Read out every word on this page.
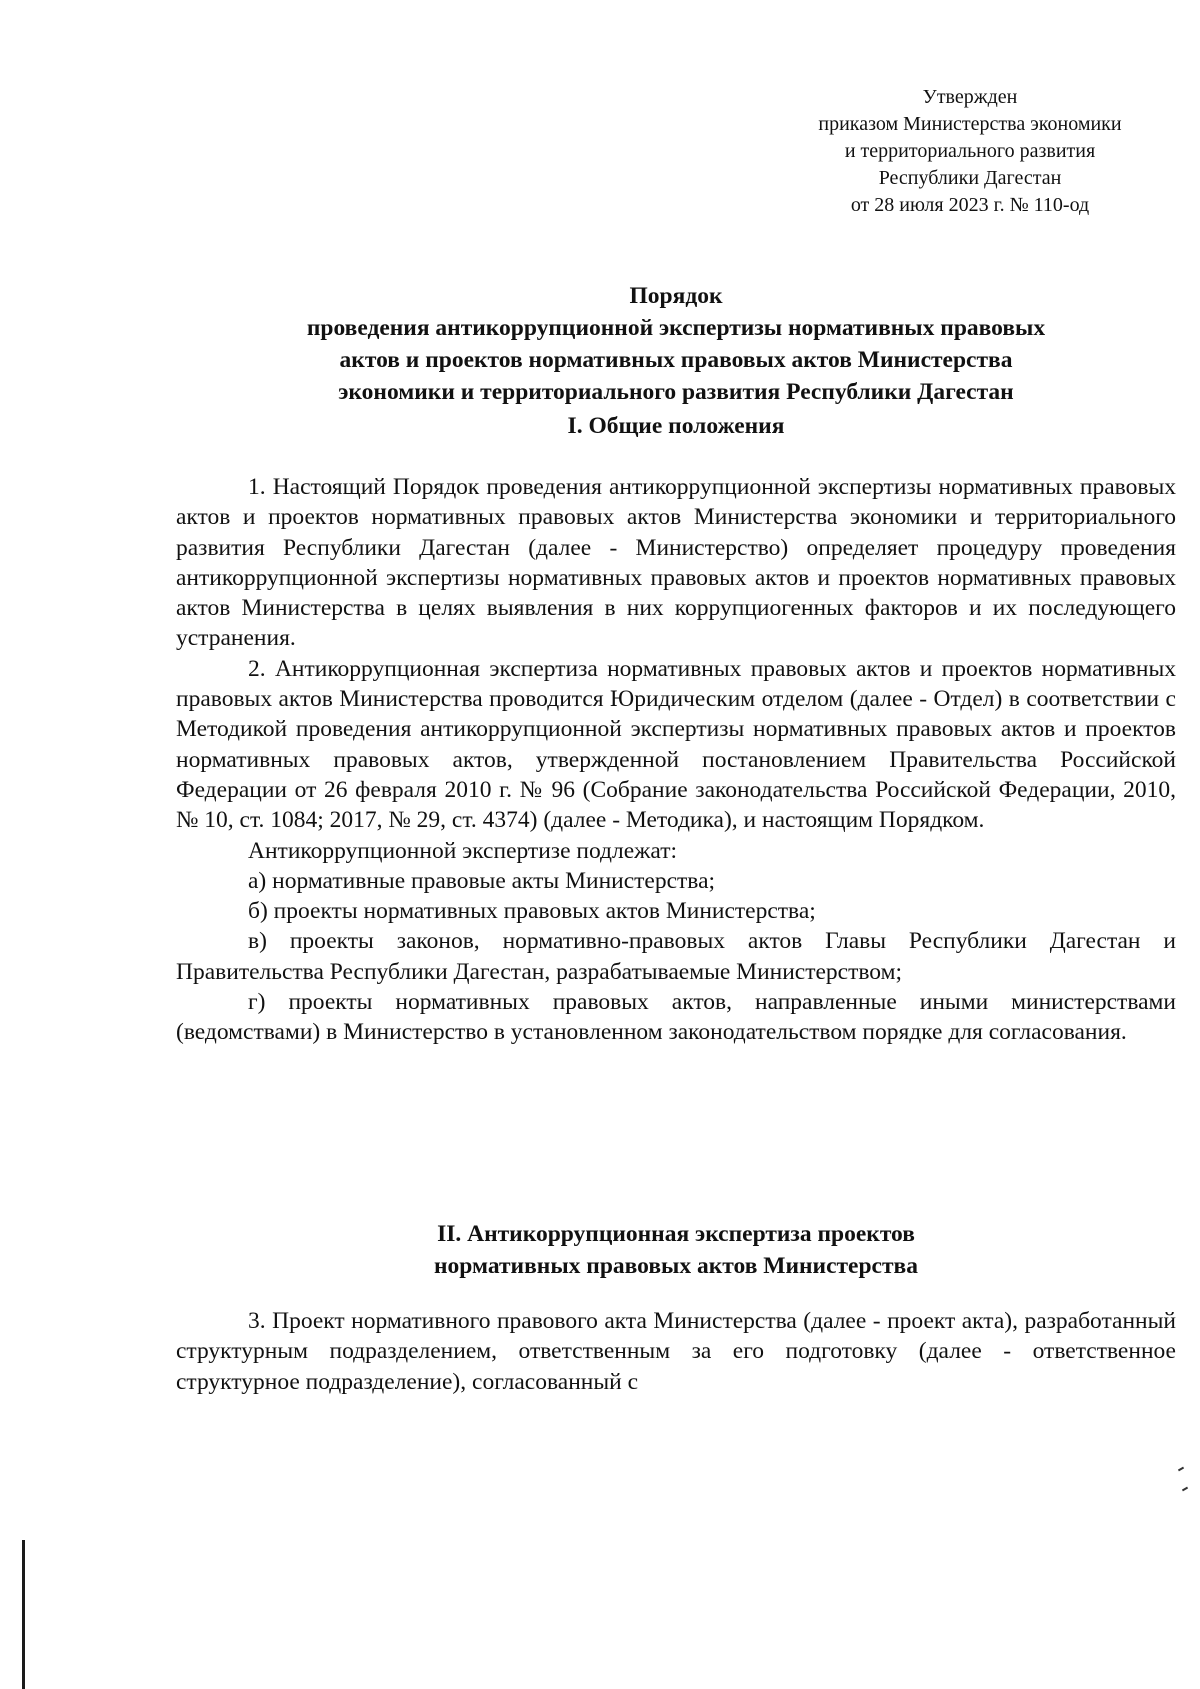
Утвержден
приказом Министерства экономики
и территориального развития
Республики Дагестан
от 28 июля 2023 г. № 110-од
Порядок
проведения антикоррупционной экспертизы нормативных правовых
актов и проектов нормативных правовых актов Министерства
экономики и территориального развития Республики Дагестан
I. Общие положения

1. Настоящий Порядок проведения антикоррупционной экспертизы нормативных правовых актов и проектов нормативных правовых актов Министерства экономики и территориального развития Республики Дагестан (далее - Министерство) определяет процедуру проведения антикоррупционной экспертизы нормативных правовых актов и проектов нормативных правовых актов Министерства в целях выявления в них коррупциогенных факторов и их последующего устранения.

2. Антикоррупционная экспертиза нормативных правовых актов и проектов нормативных правовых актов Министерства проводится Юридическим отделом (далее - Отдел) в соответствии с Методикой проведения антикоррупционной экспертизы нормативных правовых актов и проектов нормативных правовых актов, утвержденной постановлением Правительства Российской Федерации от 26 февраля 2010 г. № 96 (Собрание законодательства Российской Федерации, 2010, № 10, ст. 1084; 2017, № 29, ст. 4374) (далее - Методика), и настоящим Порядком.

Антикоррупционной экспертизе подлежат:

а) нормативные правовые акты Министерства;

б) проекты нормативных правовых актов Министерства;

в) проекты законов, нормативно-правовых актов Главы Республики Дагестан и Правительства Республики Дагестан, разрабатываемые Министерством;

г) проекты нормативных правовых актов, направленные иными министерствами (ведомствами) в Министерство в установленном законодательством порядке для согласования.

II. Антикоррупционная экспертиза проектов
нормативных правовых актов Министерства

3. Проект нормативного правового акта Министерства (далее - проект акта), разработанный структурным подразделением, ответственным за его подготовку (далее - ответственное структурное подразделение), согласованный с
